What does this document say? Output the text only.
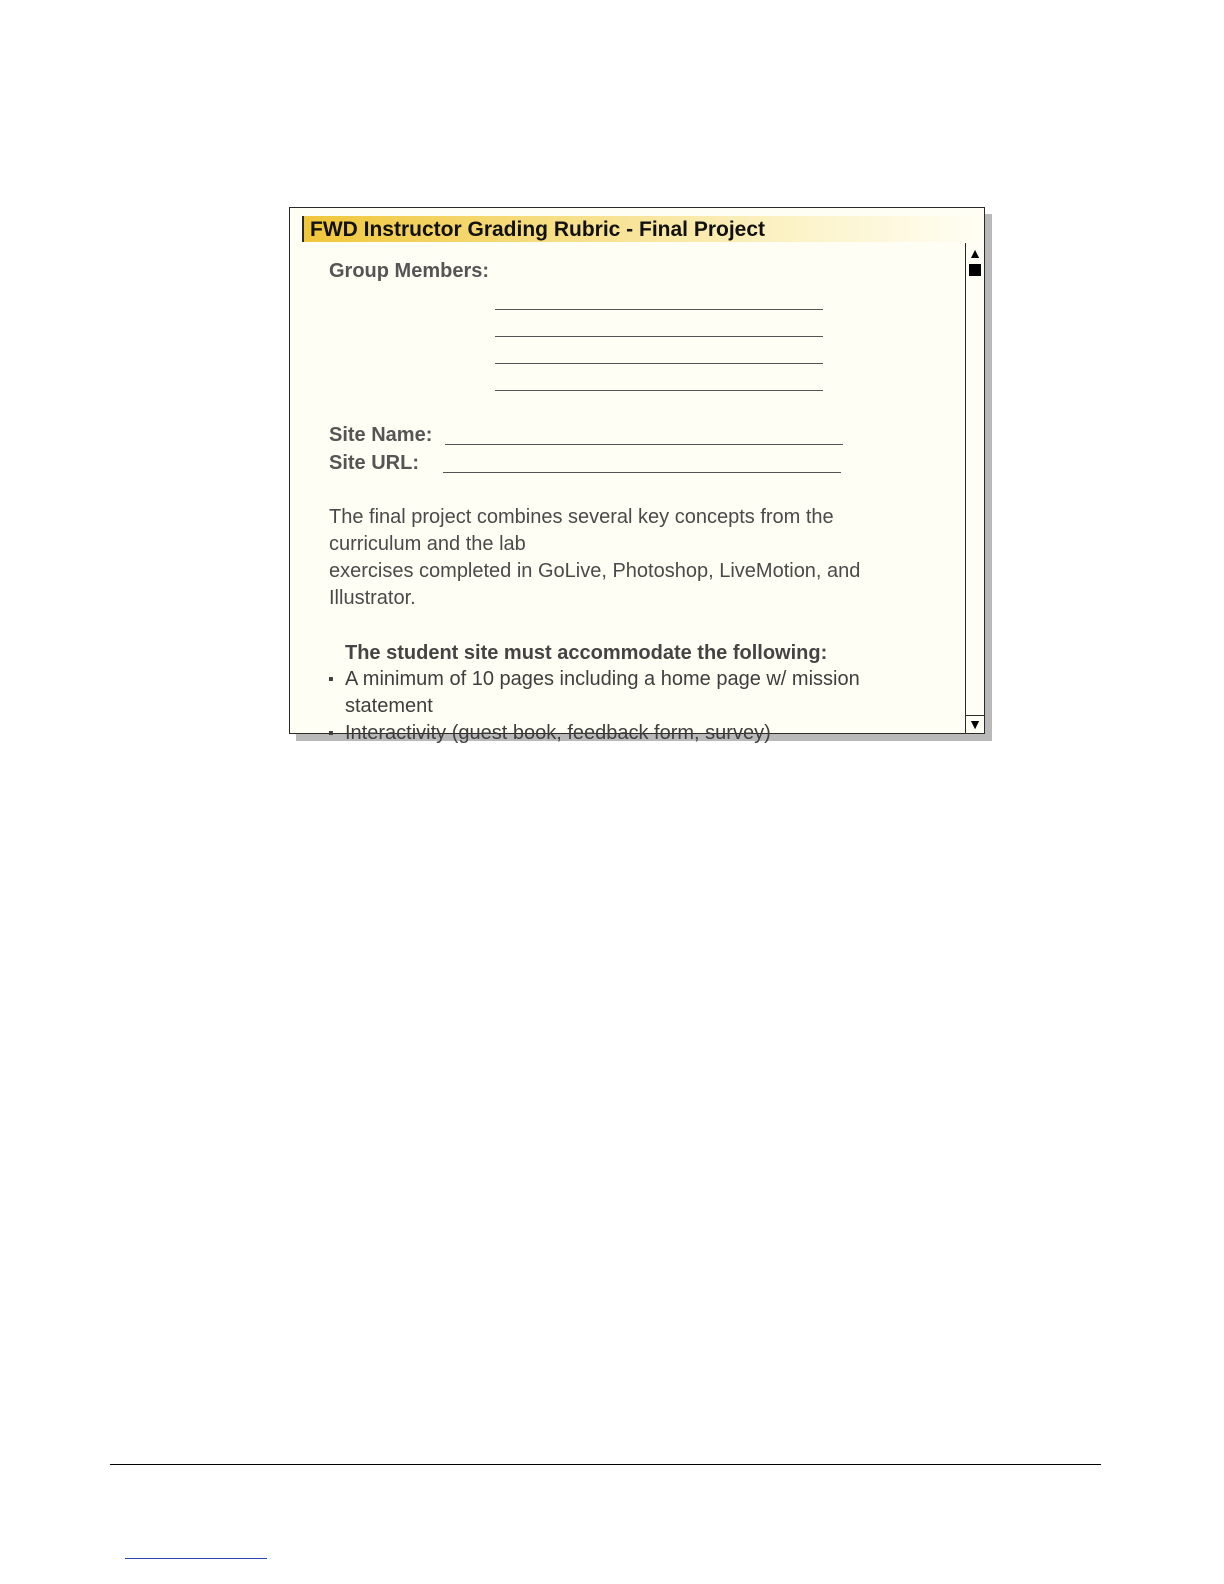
FWD Instructor Grading Rubric - Final Project
Group Members:
Site Name:
Site URL:
The final project combines several key concepts from the
curriculum and the lab
exercises completed in GoLive, Photoshop, LiveMotion, and
Illustrator.
The student site must accommodate the following:
▪ A minimum of 10 pages including a home page w/ mission
statement
▪ Interactivity (guest book, feedback form, survey)
▲
▼
